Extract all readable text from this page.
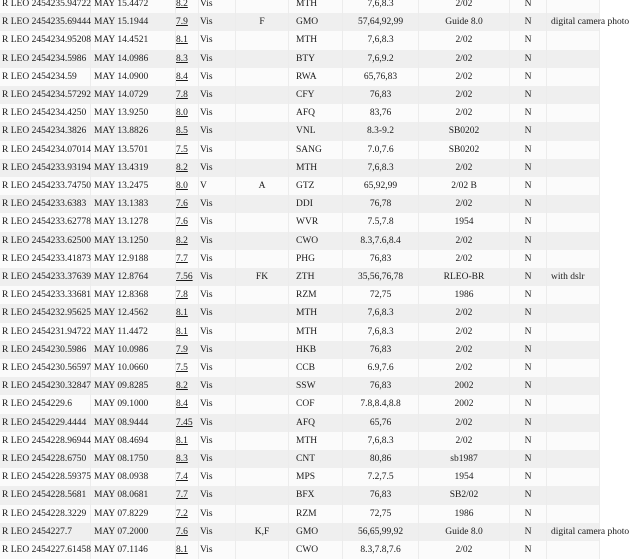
R LEO 2454235.94722	MAY 15.4472	8.2	Vis		MTH	7,6,8.3	2/02	N	
R LEO 2454235.69444	MAY 15.1944	7.9	Vis	F	GMO	57,64,92,99	Guide 8.0	N	digital camera photo
R LEO 2454234.95208	MAY 14.4521	8.1	Vis		MTH	7,6,8.3	2/02	N	
R LEO 2454234.5986	MAY 14.0986	8.3	Vis		BTY	7,6,9.2	2/02	N	
R LEO 2454234.59	MAY 14.0900	8.4	Vis		RWA	65,76,83	2/02	N	
R LEO 2454234.57292	MAY 14.0729	7.8	Vis		CFY	76,83	2/02	N	
R LEO 2454234.4250	MAY 13.9250	8.0	Vis		AFQ	83,76	2/02	N	
R LEO 2454234.3826	MAY 13.8826	8.5	Vis		VNL	8.3-9.2	SB0202	N	
R LEO 2454234.07014	MAY 13.5701	7.5	Vis		SANG	7.0,7.6	SB0202	N	
R LEO 2454233.93194	MAY 13.4319	8.2	Vis		MTH	7,6,8.3	2/02	N	
R LEO 2454233.74750	MAY 13.2475	8.0	V	A	GTZ	65,92,99	2/02 B	N	
R LEO 2454233.6383	MAY 13.1383	7.6	Vis		DDI	76,78	2/02	N	
R LEO 2454233.62778	MAY 13.1278	7.6	Vis		WVR	7.5,7.8	1954	N	
R LEO 2454233.62500	MAY 13.1250	8.2	Vis		CWO	8.3,7.6,8.4	2/02	N	
R LEO 2454233.41873	MAY 12.9188	7.7	Vis		PHG	76,83	2/02	N	
R LEO 2454233.37639	MAY 12.8764	7.56	Vis	FK	ZTH	35,56,76,78	RLEO-BR	N	with dslr
R LEO 2454233.33681	MAY 12.8368	7.8	Vis		RZM	72,75	1986	N	
R LEO 2454232.95625	MAY 12.4562	8.1	Vis		MTH	7,6,8.3	2/02	N	
R LEO 2454231.94722	MAY 11.4472	8.1	Vis		MTH	7,6,8.3	2/02	N	
R LEO 2454230.5986	MAY 10.0986	7.9	Vis		HKB	76,83	2/02	N	
R LEO 2454230.56597	MAY 10.0660	7.5	Vis		CCB	6.9,7.6	2/02	N	
R LEO 2454230.32847	MAY 09.8285	8.2	Vis		SSW	76,83	2002	N	
R LEO 2454229.6	MAY 09.1000	8.4	Vis		COF	7.8,8.4,8.8	2002	N	
R LEO 2454229.4444	MAY 08.9444	7.45	Vis		AFQ	65,76	2/02	N	
R LEO 2454228.96944	MAY 08.4694	8.1	Vis		MTH	7,6,8.3	2/02	N	
R LEO 2454228.6750	MAY 08.1750	8.3	Vis		CNT	80,86	sb1987	N	
R LEO 2454228.59375	MAY 08.0938	7.4	Vis		MPS	7.2,7.5	1954	N	
R LEO 2454228.5681	MAY 08.0681	7.7	Vis		BFX	76,83	SB2/02	N	
R LEO 2454228.3229	MAY 07.8229	7.2	Vis		RZM	72,75	1986	N	
R LEO 2454227.7	MAY 07.2000	7.6	Vis	K,F	GMO	56,65,99,92	Guide 8.0	N	digital camera photo
R LEO 2454227.61458	MAY 07.1146	8.1	Vis		CWO	8.3,7.8,7.6	2/02	N	
